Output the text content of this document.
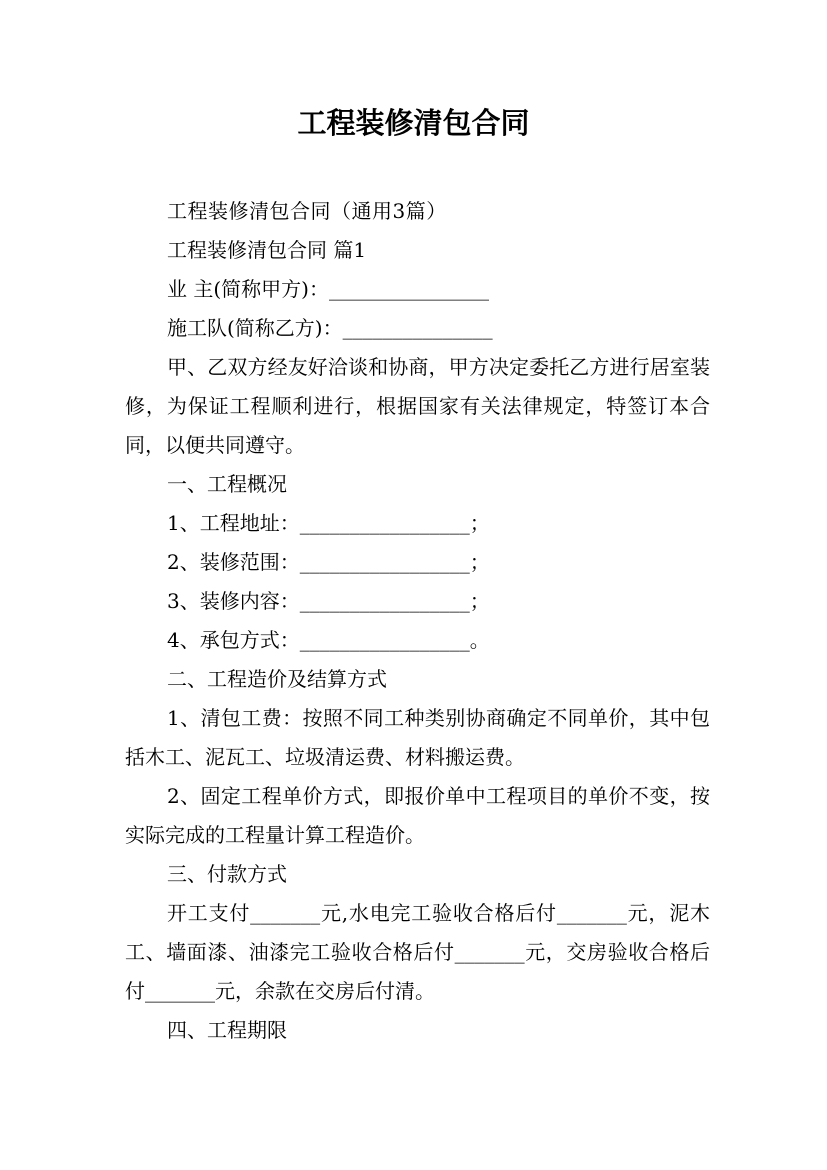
工程装修清包合同

工程装修清包合同（通用3篇）

工程装修清包合同 篇1

业 主(简称甲方)：________________

施工队(简称乙方)：_______________

甲、乙双方经友好洽谈和协商，甲方决定委托乙方进行居室装修，为保证工程顺利进行，根据国家有关法律规定，特签订本合同，以便共同遵守。

一、工程概况

1、工程地址：_________________；

2、装修范围：_________________；

3、装修内容：_________________；

4、承包方式：_________________。

二、工程造价及结算方式

1、清包工费：按照不同工种类别协商确定不同单价，其中包括木工、泥瓦工、垃圾清运费、材料搬运费。

2、固定工程单价方式，即报价单中工程项目的单价不变，按实际完成的工程量计算工程造价。

三、付款方式

开工支付_______元,水电完工验收合格后付_______元，泥木工、墙面漆、油漆完工验收合格后付_______元，交房验收合格后付_______元，余款在交房后付清。

四、工程期限
